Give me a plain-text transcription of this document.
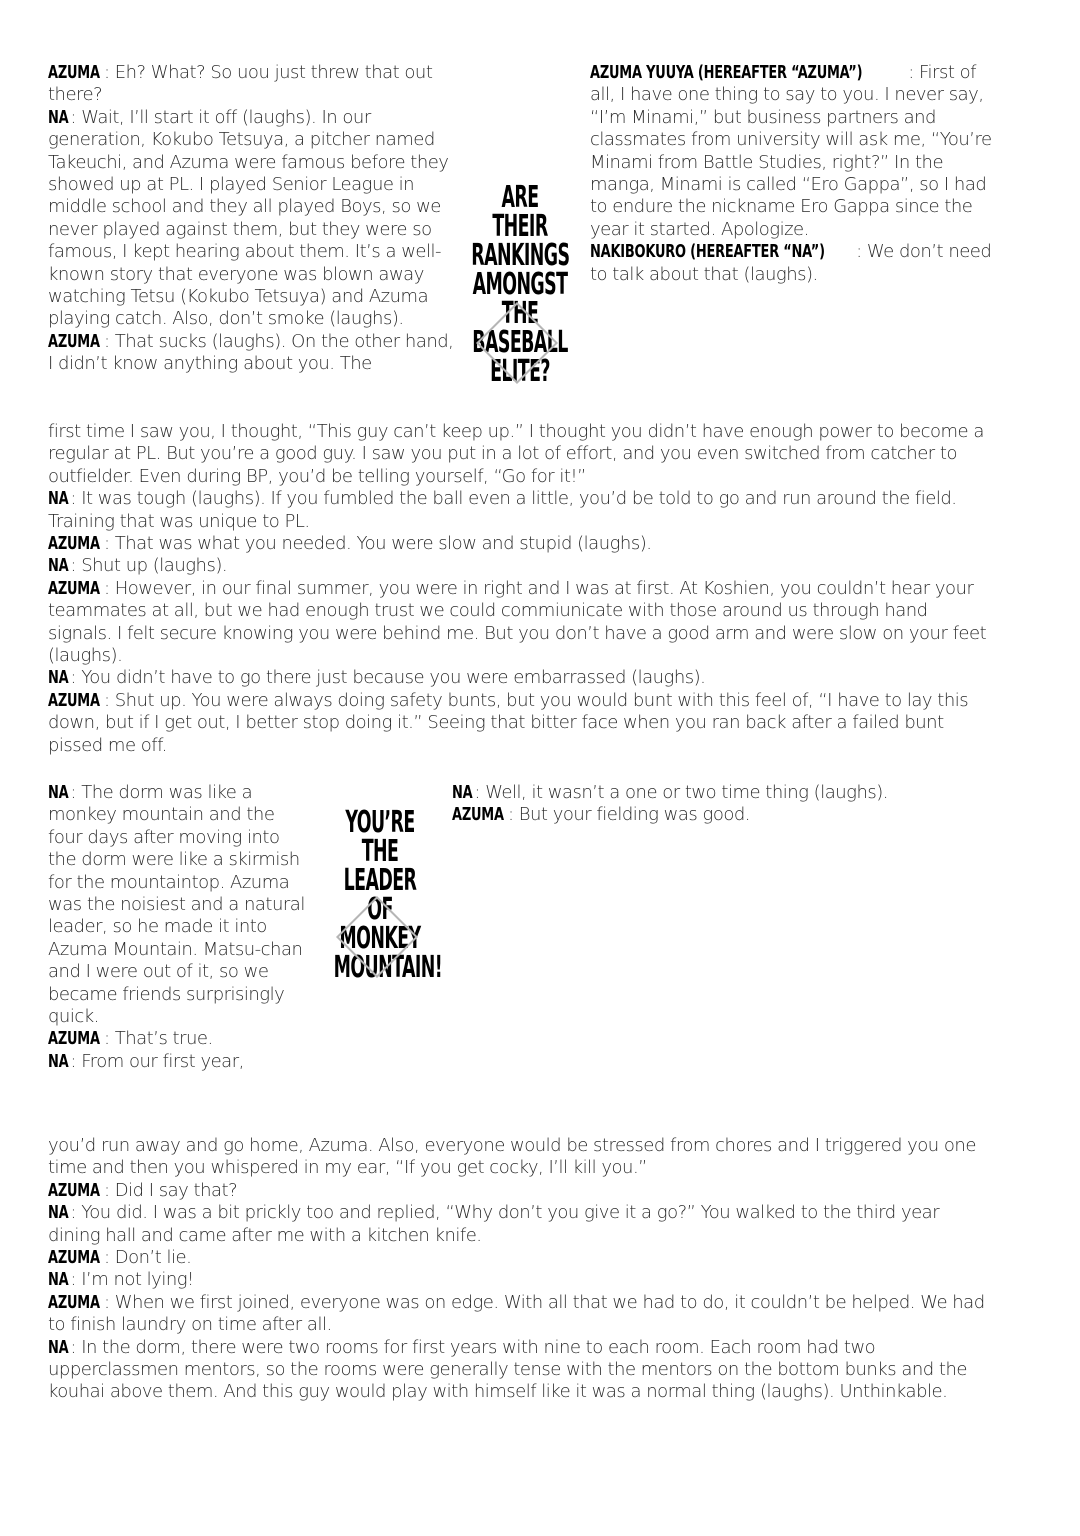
AZUMA : Eh? What? So uou just threw that out there?

NA : Wait, I’ll start it off (laughs). In our generation, Kokubo Tetsuya, a pitcher named Takeuchi, and Azuma were famous before they showed up at PL. I played Senior League in middle school and they all played Boys, so we never played against them, but they were so famous, I kept hearing about them. It’s a well-known story that everyone was blown away watching Tetsu (Kokubo Tetsuya) and Azuma playing catch. Also, don’t smoke (laughs).

AZUMA : That sucks (laughs). On the other hand, I didn’t know anything about you. The

ARE THEIR
RANKINGS
AMONGST
THE BASEBALL
ELITE?

AZUMA YUUYA (HEREAFTER “AZUMA”)	: First of all, I have one thing to say to you. I never say, “I’m Minami,” but business partners and classmates from university will ask me, “You’re Minami from Battle Studies, right?” In the manga, Minami is called “Ero Gappa”, so I had to endure the nickname Ero Gappa since the year it started. Apologize.

NAKIBOKURO (HEREAFTER “NA”) : We don’t need to talk about that (laughs).

first time I saw you, I thought, “This guy can’t keep up.” I thought you didn’t have enough power to become a regular at PL. But you’re a good guy. I saw you put in a lot of effort, and you even switched from catcher to outfielder. Even during BP, you’d be telling yourself, “Go for it!”

NA : It was tough (laughs). If you fumbled the ball even a little, you’d be told to go and run around the field. Training that was unique to PL.

AZUMA : That was what you needed. You were slow and stupid (laughs).

NA : Shut up (laughs).

AZUMA : However, in our final summer, you were in right and I was at first. At Koshien, you couldn’t hear your teammates at all, but we had enough trust we could commiunicate with those around us through hand signals. I felt secure knowing you were behind me. But you don’t have a good arm and were slow on your feet (laughs).

NA : You didn’t have to go there just because you were embarrassed (laughs).

AZUMA : Shut up. You were always doing safety bunts, but you would bunt with this feel of, “I have to lay this down, but if I get out, I better stop doing it.” Seeing that bitter face when you ran back after a failed bunt pissed me off.

NA : The dorm was like a monkey mountain and the four days after moving into the dorm were like a skirmish for the mountaintop. Azuma was the noisiest and a natural leader, so he made it into Azuma Mountain. Matsu-chan and I were out of it, so we became friends surprisingly quick.

AZUMA : That’s true.

NA : From our first year,

YOU’RE THE
LEADER OF
MONKEY
MOUNTAIN!

NA : Well, it wasn’t a one or two time thing (laughs).

AZUMA : But your fielding was good.

you’d run away and go home, Azuma. Also, everyone would be stressed from chores and I triggered you one time and then you whispered in my ear, “If you get cocky, I’ll kill you.”

AZUMA : Did I say that?

NA : You did. I was a bit prickly too and replied, “Why don’t you give it a go?” You walked to the third year dining hall and came after me with a kitchen knife.

AZUMA : Don’t lie.

NA : I’m not lying!

AZUMA : When we first joined, everyone was on edge. With all that we had to do, it couldn’t be helped. We had to finish laundry on time after all.

NA : In the dorm, there were two rooms for first years with nine to each room. Each room had two upperclassmen mentors, so the rooms were generally tense with the mentors on the bottom bunks and the kouhai above them. And this guy would play with himself like it was a normal thing (laughs). Unthinkable.
